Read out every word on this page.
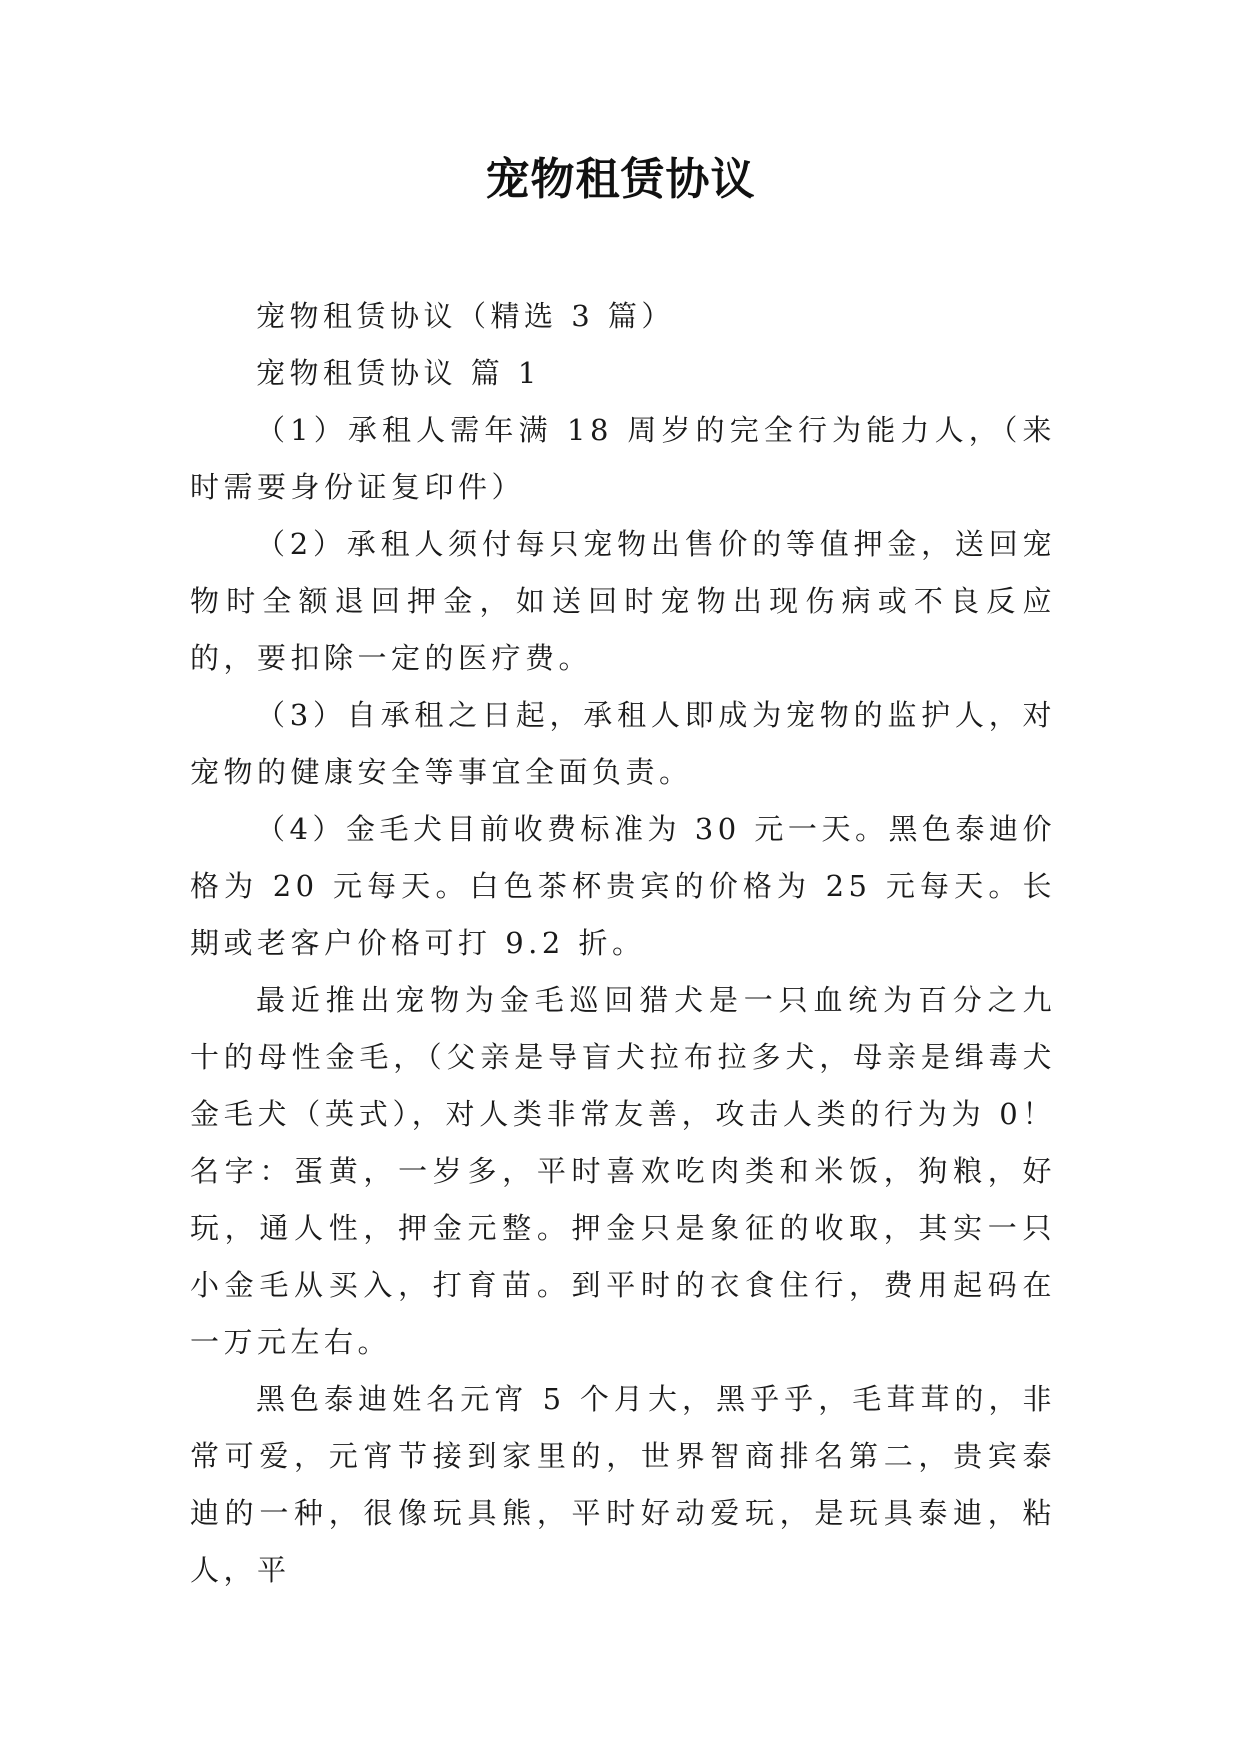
宠物租赁协议

宠物租赁协议（精选 3 篇）

宠物租赁协议 篇 1

（1）承租人需年满 18 周岁的完全行为能力人，（来时需要身份证复印件）

（2）承租人须付每只宠物出售价的等值押金，送回宠物时全额退回押金，如送回时宠物出现伤病或不良反应的，要扣除一定的医疗费。

（3）自承租之日起，承租人即成为宠物的监护人，对宠物的健康安全等事宜全面负责。

（4）金毛犬目前收费标准为 30 元一天。黑色泰迪价格为 20 元每天。白色茶杯贵宾的价格为 25 元每天。长期或老客户价格可打 9.2 折。

最近推出宠物为金毛巡回猎犬是一只血统为百分之九十的母性金毛，（父亲是导盲犬拉布拉多犬，母亲是缉毒犬金毛犬（英式），对人类非常友善，攻击人类的行为为 0！名字：蛋黄，一岁多，平时喜欢吃肉类和米饭，狗粮，好玩，通人性，押金元整。押金只是象征的收取，其实一只小金毛从买入，打育苗。到平时的衣食住行，费用起码在一万元左右。

黑色泰迪姓名元宵 5 个月大，黑乎乎，毛茸茸的，非常可爱，元宵节接到家里的，世界智商排名第二，贵宾泰迪的一种，很像玩具熊，平时好动爱玩，是玩具泰迪，粘人，平
